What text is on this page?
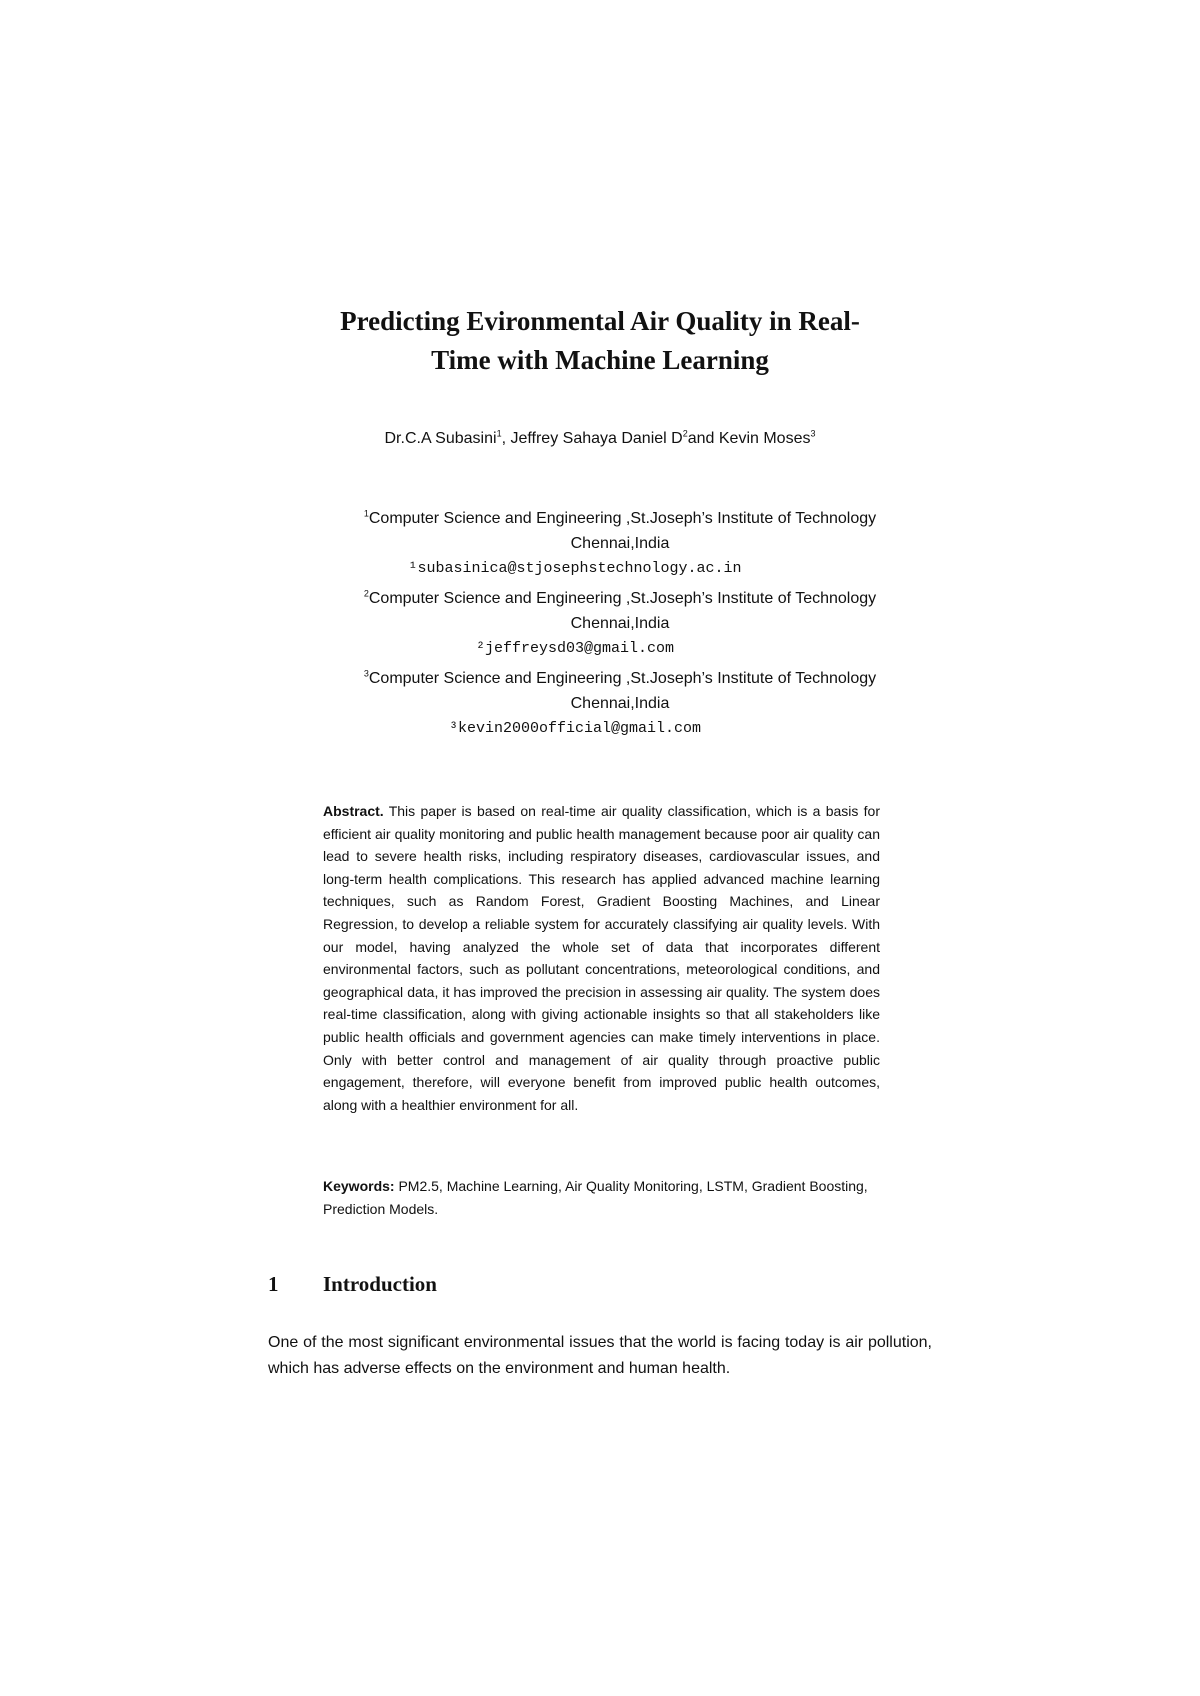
Predicting Evironmental Air Quality in Real-
Time with Machine Learning
Dr.C.A Subasini$^1$, Jeffrey Sahaya Daniel $D^2and$ Kevin Moses$^3$
$^1$Computer Science and Engineering ,St.Joseph’s Institute of Technology
Chennai,India
¹subasinica@stjosephstechnology.ac.in
$^2$Computer Science and Engineering ,St.Joseph’s Institute of Technology
Chennai,India
²jeffreysd03@gmail.com
$^3$Computer Science and Engineering ,St.Joseph’s Institute of Technology
Chennai,India
³kevin2000official@gmail.com
Abstract. This paper is based on real-time air quality classification, which is a basis for efficient air quality monitoring and public health management because poor air quality can lead to severe health risks, including respiratory diseases, cardiovascular issues, and long-term health complications. This research has applied advanced machine learning techniques, such as Random Forest, Gradient Boosting Machines, and Linear Regression, to develop a reliable system for accurately classifying air quality levels. With our model, having analyzed the whole set of data that incorporates different environmental factors, such as pollutant concentrations, meteorological conditions, and geographical data, it has improved the precision in assessing air quality. The system does real-time classification, along with giving actionable insights so that all stakeholders like public health officials and government agencies can make timely interventions in place. Only with better control and management of air quality through proactive public engagement, therefore, will everyone benefit from improved public health outcomes, along with a healthier environment for all.
Keywords: PM2.5, Machine Learning, Air Quality Monitoring, LSTM, Gradient Boosting, Prediction Models.
1 Introduction
One of the most significant environmental issues that the world is facing today is air pollution, which has adverse effects on the environment and human health.
